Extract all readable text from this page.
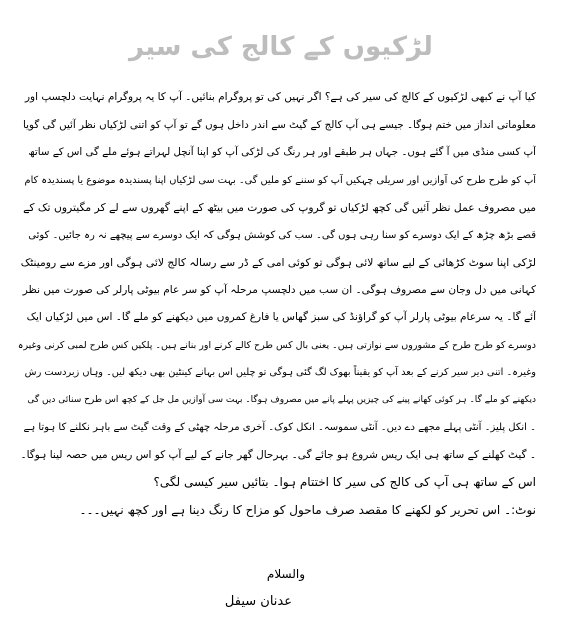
لڑکیوں کے کالج کی سیر
کیا آپ نے کبھی لڑکیوں کے کالج کی سیر کی ہے؟ اگر نہیں کی تو پروگرام بنائیں۔ آپ کا یہ پروگرام نہایت دلچسپ اور
معلوماتی انداز میں ختم ہوگا۔ جیسے ہی آپ کالج کے گیٹ سے اندر داخل ہوں گے تو آپ کو اتنی لڑکیاں نظر آئیں گی گویا
آپ کسی منڈی میں آ گئے ہوں۔ جہاں ہر طبقے اور ہر رنگ کی لڑکی آپ کو اپنا آنچل لہراتے ہوئے ملے گی اس کے ساتھ
آپ کو طرح طرح کی آوازیں اور سریلی چہکیں آپ کو سننے کو ملیں گی۔ بہت سی لڑکیاں اپنا پسندیدہ موضوع یا پسندیدہ کام
میں مصروف عمل نظر آئیں گی کچھ لڑکیاں تو گروپ کی صورت میں بیٹھ کے اپنے گھروں سے لے کر مگیتروں تک کے
قصے بڑھ چڑھ کے ایک دوسرے کو سنا رہی ہوں گی۔ سب کی کوشش ہوگی کہ ایک دوسرے سے پیچھے نہ رہ جائیں۔ کوئی
لڑکی اپنا سوٹ کڑھائی کے لیے ساتھ لائی ہوگی تو کوئی امی کے ڈر سے رسالہ کالج لائی ہوگی اور مزے سے رومینٹک
کہانی میں دل وجان سے مصروف ہوگی۔ ان سب میں دلچسپ مرحلہ آپ کو سر عام بیوٹی پارلر کی صورت میں نظر
آئے گا۔ یہ سرعام بیوٹی پارلر آپ کو گراؤنڈ کی سبز گھاس یا فارغ کمروں میں دیکھنے کو ملے گا۔ اس میں لڑکیاں ایک
دوسرے کو طرح طرح کے مشوروں سے نوازتی ہیں۔ یعنی بال کس طرح کالے کرنے اور بنانے ہیں۔ پلکیں کس طرح لمبی کرنی وغیرہ
وغیرہ۔ اتنی دیر سیر کرنے کے بعد آپ کو یقیناً بھوک لگ گئی ہوگی تو چلیں اس بہانے کینٹین بھی دیکھ لیں۔ وہاں زبردست رش
دیکھنے کو ملے گا۔ ہر کوئی کھانے پینے کی چیزیں پہلے پانے میں مصروف ہوگا۔ بہت سی آوازیں مل جل کے کچھ اس طرح سنائی دیں گی
۔ انکل پلیز۔ آنٹی پہلے مجھے دے دیں۔ آنٹی سموسہ۔ انکل کوک۔ آخری مرحلہ چھٹی کے وقت گیٹ سے باہر نکلنے کا ہوتا ہے
۔ گیٹ کھلنے کے ساتھ ہی ایک ریس شروع ہو جائے گی۔ بہرحال گھر جانے کے لیے آپ کو اس ریس میں حصہ لینا ہوگا۔
اس کے ساتھ ہی آپ کی کالج کی سیر کا اختتام ہوا۔ بتائیں سیر کیسی لگی؟
نوٹ:۔ اس تحریر کو لکھنے کا مقصد صرف ماحول کو مزاح کا رنگ دینا ہے اور کچھ نہیں۔۔۔
والسلام
عدنان سیفل
